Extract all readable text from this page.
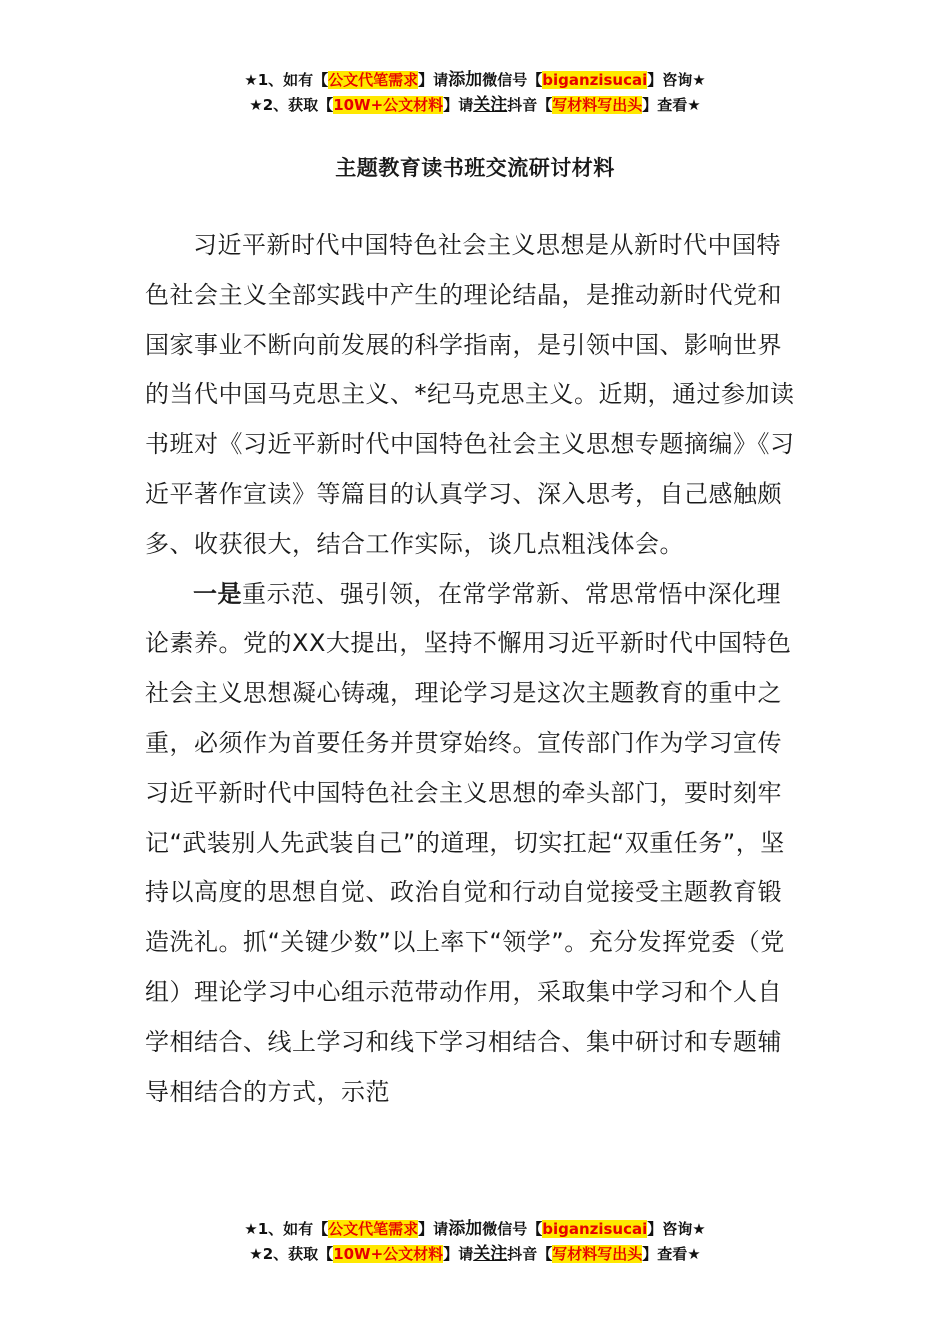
★1、如有【公文代笔需求】请添加微信号【biganzisucai】咨询★
★2、获取【10W+公文材料】请关注抖音【写材料写出头】查看★
主题教育读书班交流研讨材料

习近平新时代中国特色社会主义思想是从新时代中国特色社会主义全部实践中产生的理论结晶，是推动新时代党和国家事业不断向前发展的科学指南，是引领中国、影响世界的当代中国马克思主义、*纪马克思主义。近期，通过参加读书班对《习近平新时代中国特色社会主义思想专题摘编》《习近平著作宣读》等篇目的认真学习、深入思考，自己感触颇多、收获很大，结合工作实际，谈几点粗浅体会。

一是重示范、强引领，在常学常新、常思常悟中深化理论素养。党的XX大提出，坚持不懈用习近平新时代中国特色社会主义思想凝心铸魂，理论学习是这次主题教育的重中之重，必须作为首要任务并贯穿始终。宣传部门作为学习宣传习近平新时代中国特色社会主义思想的牵头部门，要时刻牢记“武装别人先武装自己”的道理，切实扛起“双重任务”，坚持以高度的思想自觉、政治自觉和行动自觉接受主题教育锻造洗礼。抓“关键少数”以上率下“领学”。充分发挥党委（党组）理论学习中心组示范带动作用，采取集中学习和个人自学相结合、线上学习和线下学习相结合、集中研讨和专题辅导相结合的方式，示范

★1、如有【公文代笔需求】请添加微信号【biganzisucai】咨询★
★2、获取【10W+公文材料】请关注抖音【写材料写出头】查看★
